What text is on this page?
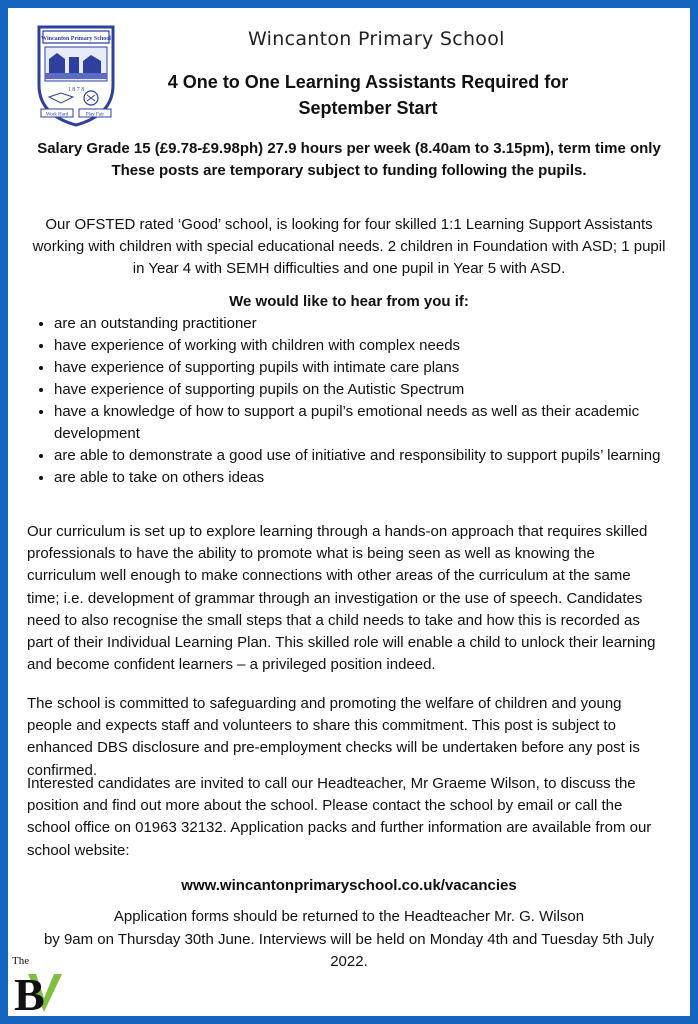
Wincanton Primary School
1 8 7 8
Work Hard	Play Fair
Wincanton Primary School
4 One to One Learning Assistants Required for
September Start
Salary Grade 15 (£9.78-£9.98ph) 27.9 hours per week (8.40am to 3.15pm), term time only
These posts are temporary subject to funding following the pupils.
Our OFSTED rated ‘Good’ school, is looking for four skilled 1:1 Learning Support Assistants working with children with special educational needs. 2 children in Foundation with ASD; 1 pupil in Year 4 with SEMH difficulties and one pupil in Year 5 with ASD.
We would like to hear from you if:
• are an outstanding practitioner
• have experience of working with children with complex needs
• have experience of supporting pupils with intimate care plans
• have experience of supporting pupils on the Autistic Spectrum
• have a knowledge of how to support a pupil’s emotional needs as well as their academic development
• are able to demonstrate a good use of initiative and responsibility to support pupils’ learning
• are able to take on others ideas

Our curriculum is set up to explore learning through a hands-on approach that requires skilled professionals to have the ability to promote what is being seen as well as knowing the curriculum well enough to make connections with other areas of the curriculum at the same time; i.e. development of grammar through an investigation or the use of speech. Candidates need to also recognise the small steps that a child needs to take and how this is recorded as part of their Individual Learning Plan. This skilled role will enable a child to unlock their learning and become confident learners – a privileged position indeed.

The school is committed to safeguarding and promoting the welfare of children and young people and expects staff and volunteers to share this commitment. This post is subject to enhanced DBS disclosure and pre-employment checks will be undertaken before any post is confirmed.

Interested candidates are invited to call our Headteacher, Mr Graeme Wilson, to discuss the position and find out more about the school. Please contact the school by email or call the school office on 01963 32132. Application packs and further information are available from our school website:

www.wincantonprimaryschool.co.uk/vacancies
Application forms should be returned to the Headteacher Mr. G. Wilson
by 9am on Thursday 30th June. Interviews will be held on Monday 4th and Tuesday 5th July 2022.
The
B
